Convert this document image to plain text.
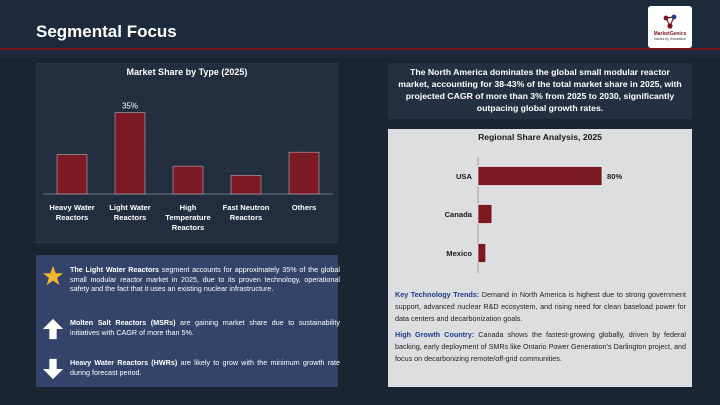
Segmental Focus	MarketGenics
Values by Innovation
Market Share by Type (2025)
Heavy Water
Reactors
35%
Light Water
Reactors
High
Temperature
Reactors
Fast Neutron
Reactors
Others
The Light Water Reactors segment accounts for approximately 35% of the global small modular reactor market in 2025, due to its proven technology, operational safety and the fact that it uses an existing nuclear infrastructure.
Molten Salt Reactors (MSRs) are gaining market share due to sustainability initiatives with CAGR of more than 5%.
Heavy Water Reactors (HWRs) are likely to grow with the minimum growth rate during forecast period.
The North America dominates the global small modular reactor market, accounting for 38-43% of the total market share in 2025, with projected CAGR of more than 3% from 2025 to 2030, significantly outpacing global growth rates.
Regional Share Analysis, 2025
USA	80%
Canada
Mexico

Key Technology Trends: Demand in North America is highest due to strong government support, advanced nuclear R&D ecosystem, and rising need for clean baseload power for data centers and decarbonization goals.

High Growth Country: Canada shows the fastest-growing globally, driven by federal backing, early deployment of SMRs like Ontario Power Generation’s Darlington project, and focus on decarbonizing remote/off-grid communities.
